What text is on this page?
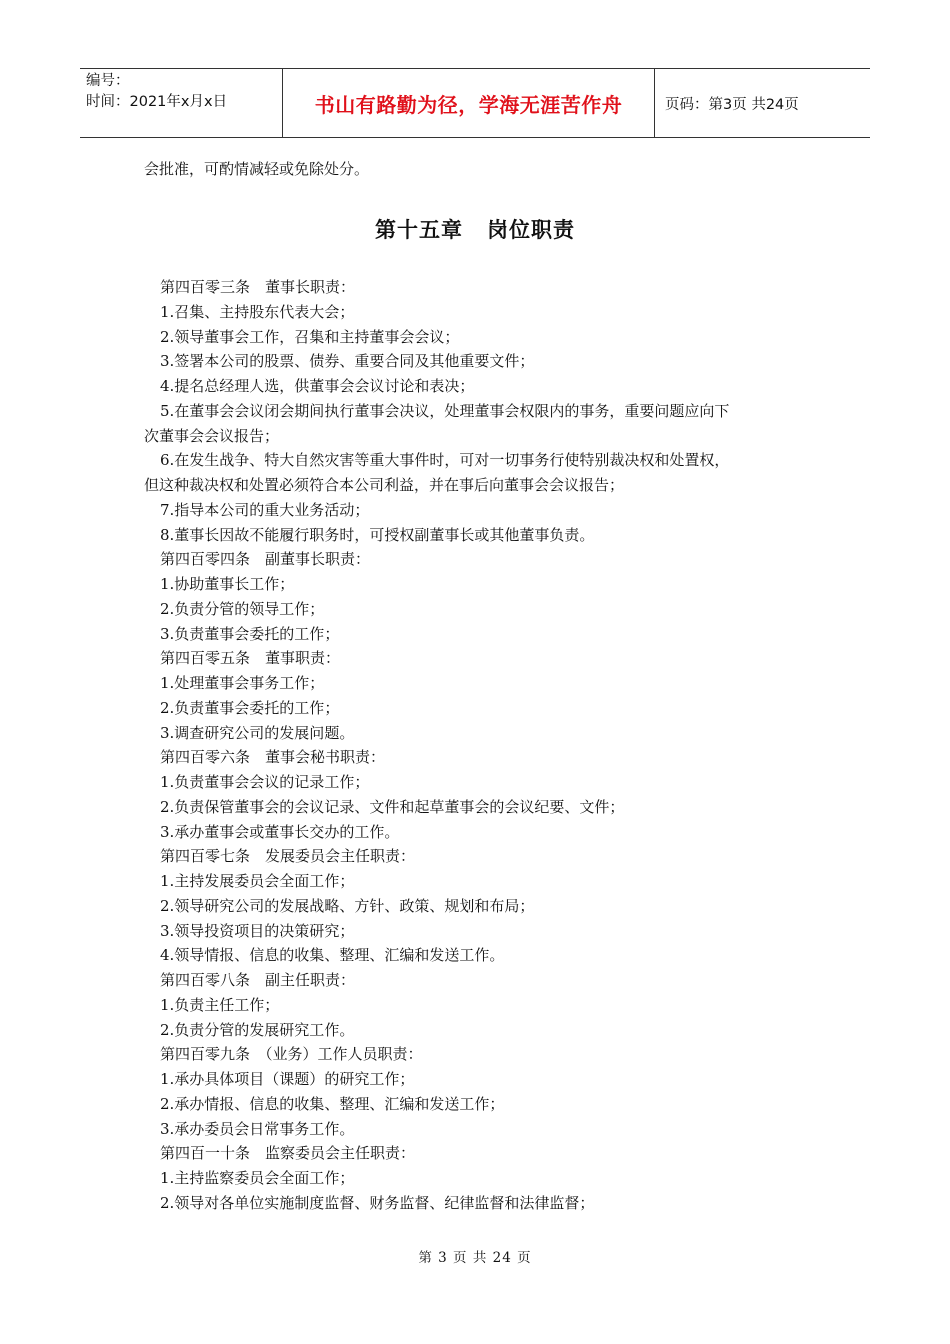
编号：
时间：2021年x月x日	书山有路勤为径，学海无涯苦作舟	页码：第3页 共24页
会批准，可酌情减轻或免除处分。
第十五章 岗位职责
第四百零三条　董事长职责：
1.召集、主持股东代表大会；
2.领导董事会工作，召集和主持董事会会议；
3.签署本公司的股票、债券、重要合同及其他重要文件；
4.提名总经理人选，供董事会会议讨论和表决；
5.在董事会会议闭会期间执行董事会决议，处理董事会权限内的事务，重要问题应向下
次董事会会议报告；
6.在发生战争、特大自然灾害等重大事件时，可对一切事务行使特别裁决权和处置权，
但这种裁决权和处置必须符合本公司利益，并在事后向董事会会议报告；
7.指导本公司的重大业务活动；
8.董事长因故不能履行职务时，可授权副董事长或其他董事负责。
第四百零四条　副董事长职责：
1.协助董事长工作；
2.负责分管的领导工作；
3.负责董事会委托的工作；
第四百零五条　董事职责：
1.处理董事会事务工作；
2.负责董事会委托的工作；
3.调查研究公司的发展问题。
第四百零六条　董事会秘书职责：
1.负责董事会会议的记录工作；
2.负责保管董事会的会议记录、文件和起草董事会的会议纪要、文件；
3.承办董事会或董事长交办的工作。
第四百零七条　发展委员会主任职责：
1.主持发展委员会全面工作；
2.领导研究公司的发展战略、方针、政策、规划和布局；
3.领导投资项目的决策研究；
4.领导情报、信息的收集、整理、汇编和发送工作。
第四百零八条　副主任职责：
1.负责主任工作；
2.负责分管的发展研究工作。
第四百零九条　（业务）工作人员职责：
1.承办具体项目（课题）的研究工作；
2.承办情报、信息的收集、整理、汇编和发送工作；
3.承办委员会日常事务工作。
第四百一十条　监察委员会主任职责：
1.主持监察委员会全面工作；
2.领导对各单位实施制度监督、财务监督、纪律监督和法律监督；
第 3 页 共 24 页
